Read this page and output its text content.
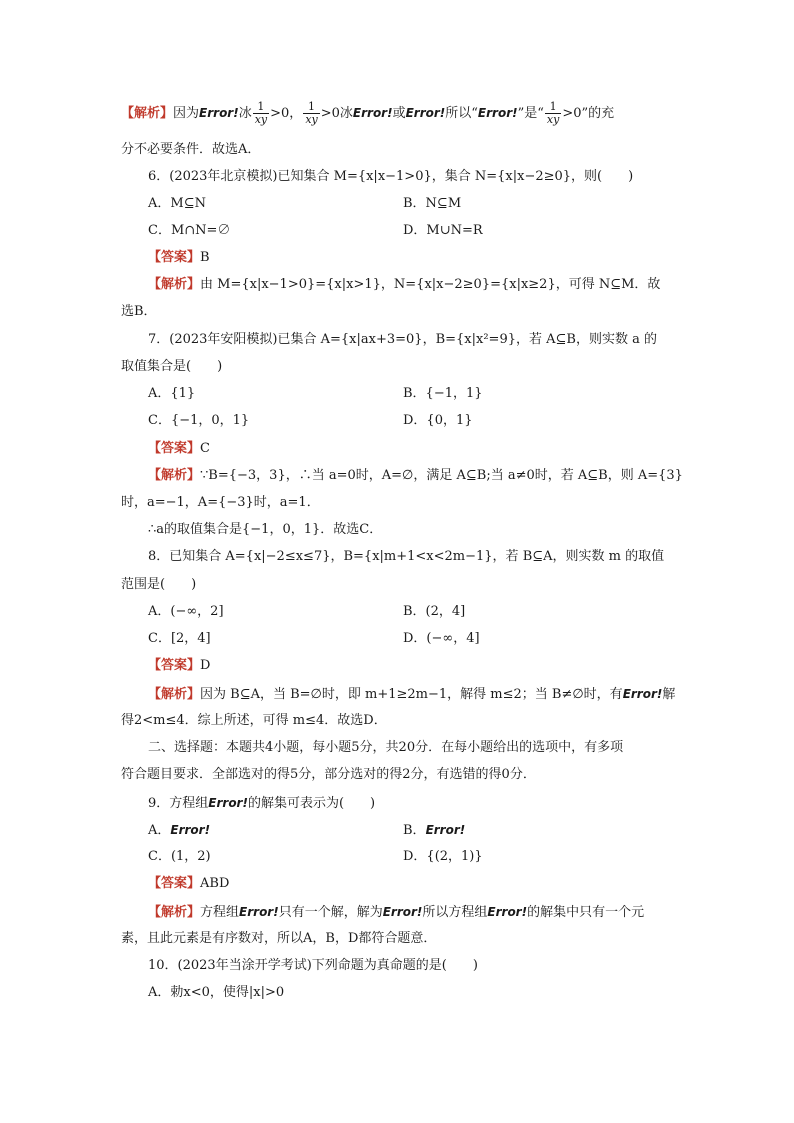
【解析】因为Error!冰 $\frac{1}{xy} >0$， $\frac{1}{xy} >0$冰Error!或Error!所以“Error!”是“ $\frac{1}{xy} >0$”的充
分不必要条件．故选A．
6．(2023年北京模拟)已知集合 M={x|x−1>0}，集合 N={x|x−2≥0}，则(　　)
A．M⊆N	B．N⊆M
C．M∩N=∅	D．M∪N=R
【答案】B
【解析】由 M={x|x−1>0}={x|x>1}，N={x|x−2≥0}={x|x≥2}，可得 N⊆M．故
选B．
7．(2023年安阳模拟)已集合 A={x|ax+3=0}，B={x|x²=9}，若 A⊆B，则实数 a 的
取值集合是(　　)
A．{1}	B．{−1，1}
C．{−1，0，1}	D．{0，1}
【答案】C
【解析】∵B={−3，3}，∴当 a=0时，A=∅，满足 A⊆B;当 a≠0时，若 A⊆B，则 A={3}
时，a=−1，A={−3}时，a=1．
∴a的取值集合是{−1，0，1}．故选C．
8．已知集合 A={x|−2≤x≤7}，B={x|m+1<x<2m−1}，若 B⊆A，则实数 m 的取值
范围是(　　)
A．(−∞，2]	B．(2，4]
C．[2，4]	D．(−∞，4]
【答案】D
【解析】因为 B⊆A，当 B=∅时，即 m+1≥2m−1，解得 m≤2；当 B≠∅时，有Error!解
得2<m≤4．综上所述，可得 m≤4．故选D．
二、选择题：本题共4小题，每小题5分，共20分．在每小题给出的选项中，有多项
符合题目要求．全部选对的得5分，部分选对的得2分，有选错的得0分．
9．方程组Error!的解集可表示为(　　)
A．Error!	B．Error!
C．(1，2)	D．{(2，1)}
【答案】ABD
【解析】方程组Error!只有一个解，解为Error!所以方程组Error!的解集中只有一个元
素，且此元素是有序数对，所以A，B，D都符合题意．
10．(2023年当涂开学考试)下列命题为真命题的是(　　)
A．勅x<0，使得|x|>0
